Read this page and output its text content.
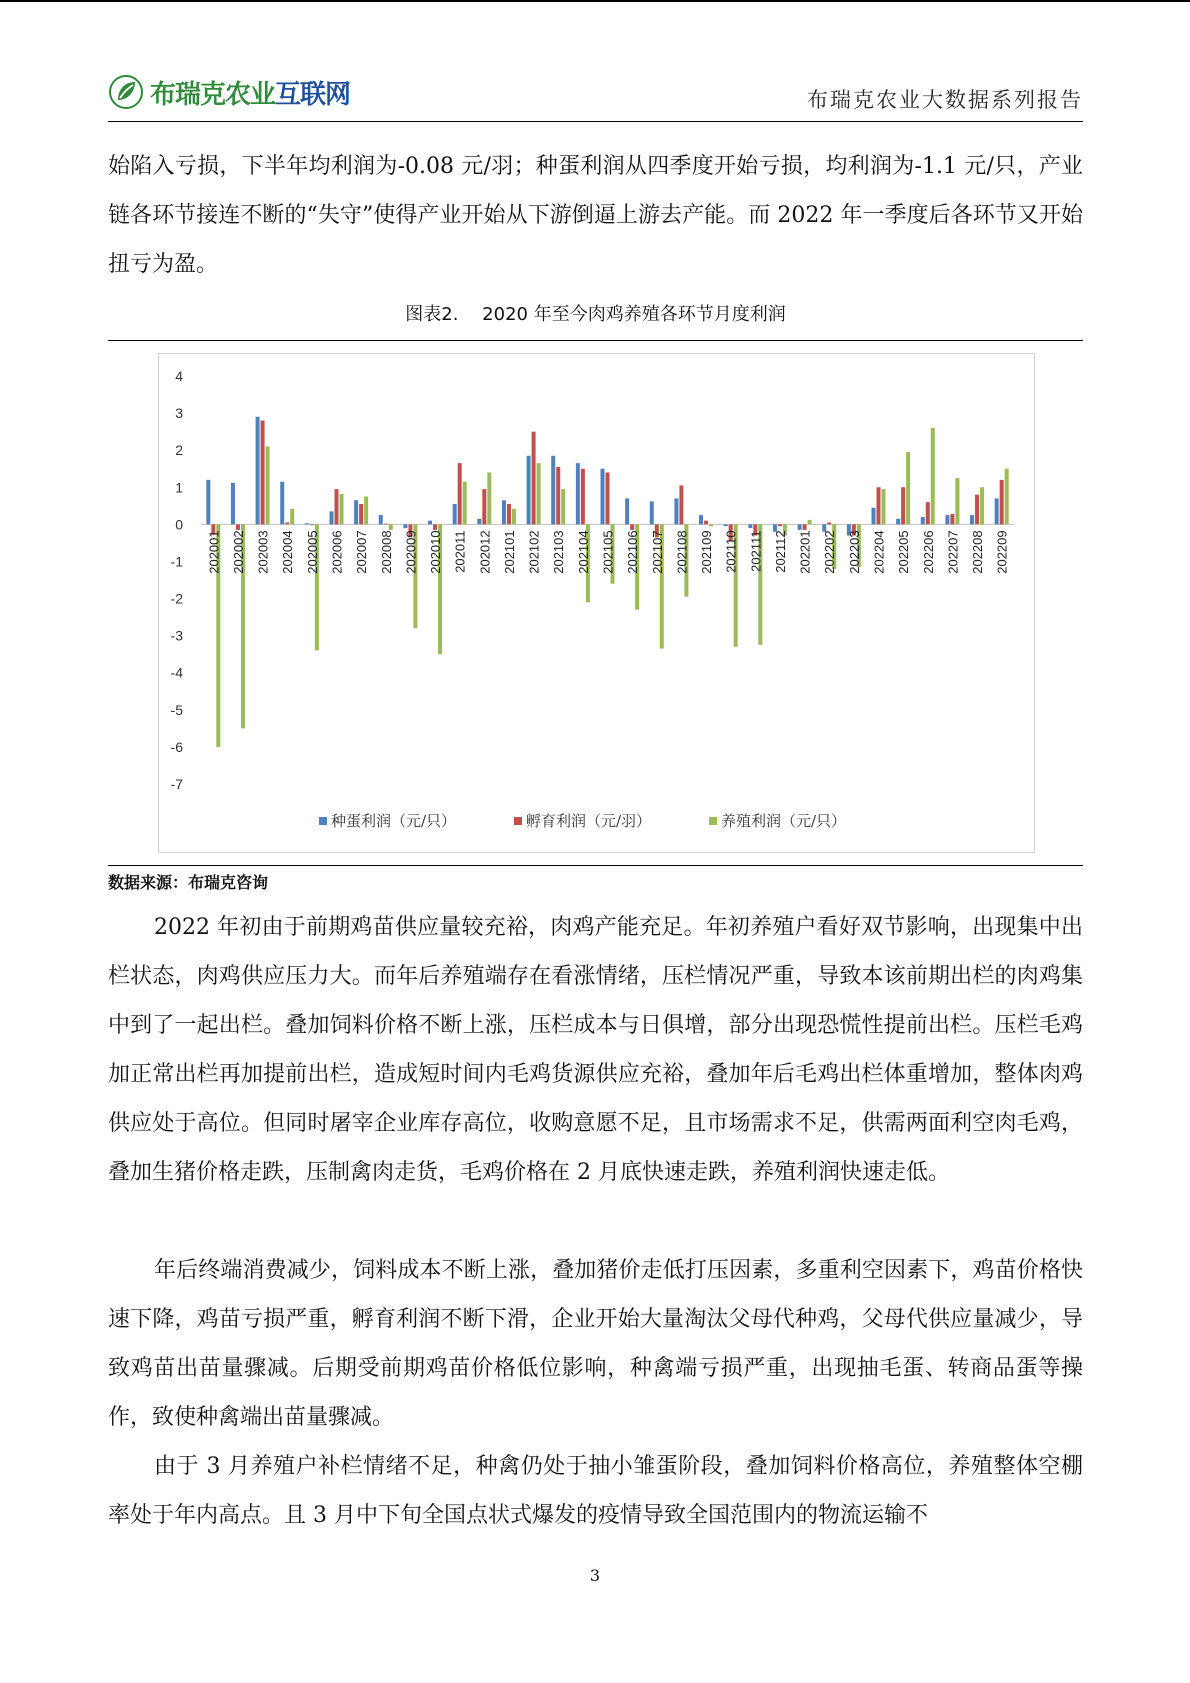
布瑞克农业互联网	布瑞克农业大数据系列报告

始陷入亏损，下半年均利润为-0.08 元/羽；种蛋利润从四季度开始亏损，均利润为-1.1 元/只，产业链各环节接连不断的“失守”使得产业开始从下游倒逼上游去产能。而 2022 年一季度后各环节又开始扭亏为盈。

图表2.　 2020 年至今肉鸡养殖各环节月度利润
4
3
2
1
0
-1
-2
-3
-4
-5
-6
-7
202001 202002 202003 202004 202005 202006 202007 202008 202009 202010 202011 202012 202101 202102 202103 202104 202105 202106 202107 202108 202109 202110 202111 202112 202201 202202 202203 202204 202205 202206 202207 202208 202209
种蛋利润（元/只）	孵育利润（元/羽）	养殖利润（元/只）
数据来源：布瑞克咨询

2022 年初由于前期鸡苗供应量较充裕，肉鸡产能充足。年初养殖户看好双节影响，出现集中出栏状态，肉鸡供应压力大。而年后养殖端存在看涨情绪，压栏情况严重，导致本该前期出栏的肉鸡集中到了一起出栏。叠加饲料价格不断上涨，压栏成本与日俱增，部分出现恐慌性提前出栏。压栏毛鸡加正常出栏再加提前出栏，造成短时间内毛鸡货源供应充裕，叠加年后毛鸡出栏体重增加，整体肉鸡供应处于高位。但同时屠宰企业库存高位，收购意愿不足，且市场需求不足，供需两面利空肉毛鸡，叠加生猪价格走跌，压制禽肉走货，毛鸡价格在 2 月底快速走跌，养殖利润快速走低。

年后终端消费减少，饲料成本不断上涨，叠加猪价走低打压因素，多重利空因素下，鸡苗价格快速下降，鸡苗亏损严重，孵育利润不断下滑，企业开始大量淘汰父母代种鸡，父母代供应量减少，导致鸡苗出苗量骤减。后期受前期鸡苗价格低位影响，种禽端亏损严重，出现抽毛蛋、转商品蛋等操作，致使种禽端出苗量骤减。

由于 3 月养殖户补栏情绪不足，种禽仍处于抽小雏蛋阶段，叠加饲料价格高位，养殖整体空棚率处于年内高点。且 3 月中下旬全国点状式爆发的疫情导致全国范围内的物流运输不

3
